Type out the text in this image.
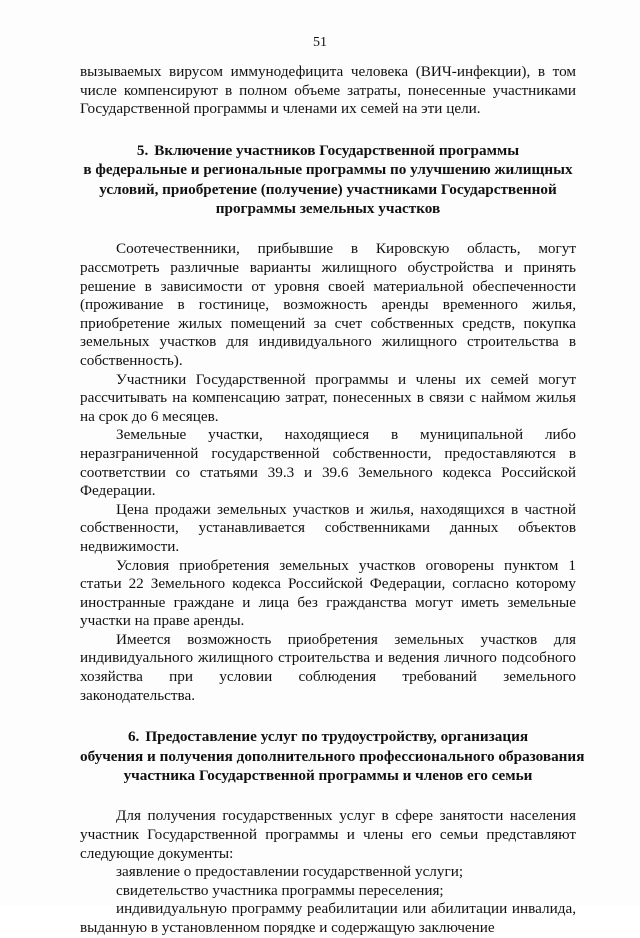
51

вызываемых вирусом иммунодефицита человека (ВИЧ-инфекции), в том числе компенсируют в полном объеме затраты, понесенные участниками Государственной программы и членами их семей на эти цели.

5. Включение участников Государственной программы
в федеральные и региональные программы по улучшению жилищных
условий, приобретение (получение) участниками Государственной
программы земельных участков

Соотечественники, прибывшие в Кировскую область, могут рассмотреть различные варианты жилищного обустройства и принять решение в зависимости от уровня своей материальной обеспеченности (проживание в гостинице, возможность аренды временного жилья, приобретение жилых помещений за счет собственных средств, покупка земельных участков для индивидуального жилищного строительства в собственность).

Участники Государственной программы и члены их семей могут рассчитывать на компенсацию затрат, понесенных в связи с наймом жилья на срок до 6 месяцев.

Земельные участки, находящиеся в муниципальной либо неразграниченной государственной собственности, предоставляются в соответствии со статьями 39.3 и 39.6 Земельного кодекса Российской Федерации.

Цена продажи земельных участков и жилья, находящихся в частной собственности, устанавливается собственниками данных объектов недвижимости.

Условия приобретения земельных участков оговорены пунктом 1 статьи 22 Земельного кодекса Российской Федерации, согласно которому иностранные граждане и лица без гражданства могут иметь земельные участки на праве аренды.

Имеется возможность приобретения земельных участков для индивидуального жилищного строительства и ведения личного подсобного хозяйства при условии соблюдения требований земельного законодательства.

6. Предоставление услуг по трудоустройству, организация
обучения и получения дополнительного профессионального образования
участника Государственной программы и членов его семьи

Для получения государственных услуг в сфере занятости населения участник Государственной программы и члены его семьи представляют следующие документы:

заявление о предоставлении государственной услуги;

свидетельство участника программы переселения;

индивидуальную программу реабилитации или абилитации инвалида, выданную в установленном порядке и содержащую заключение
